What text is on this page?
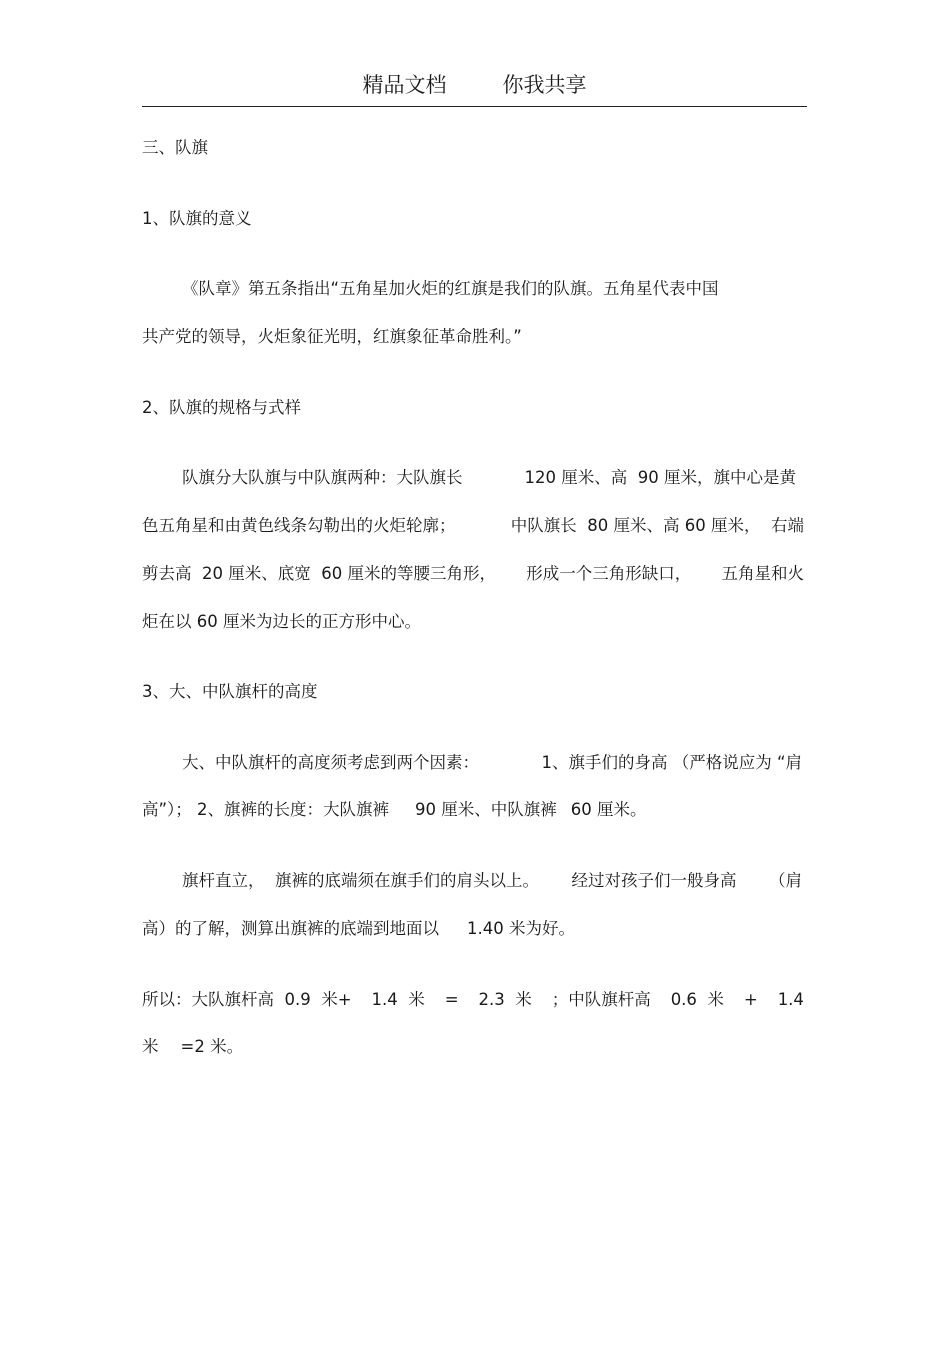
精品文档	你我共享
三、队旗
1、队旗的意义
《队章》第五条指出“五角星加火炬的红旗是我们的队旗。五角星代表中国
共产党的领导，火炬象征光明，红旗象征革命胜利。”
2、队旗的规格与式样
队旗分大队旗与中队旗两种：大队旗长	120 厘米、高  90 厘米，旗中心是黄
色五角星和由黄色线条勾勒出的火炬轮廓；	中队旗长  80 厘米、高 60 厘米，  右端
剪去高  20 厘米、底宽  60 厘米的等腰三角形， 形成一个三角形缺口， 五角星和火
炬在以 60 厘米为边长的正方形中心。
3、大、中队旗杆的高度
大、中队旗杆的高度须考虑到两个因素：	1、旗手们的身高 （严格说应为 “肩
高”）； 2、旗裤的长度：大队旗裤 90 厘米、中队旗裤 60 厘米。
旗杆直立，  旗裤的底端须在旗手们的肩头以上。 经过对孩子们一般身高 （肩
高）的了解，测算出旗裤的底端到地面以 1.40 米为好。
所以：大队旗杆高  0.9  米+ 1.4  米 = 2.3  米 ；中队旗杆高 0.6  米 + 1.4
米 =2 米。
